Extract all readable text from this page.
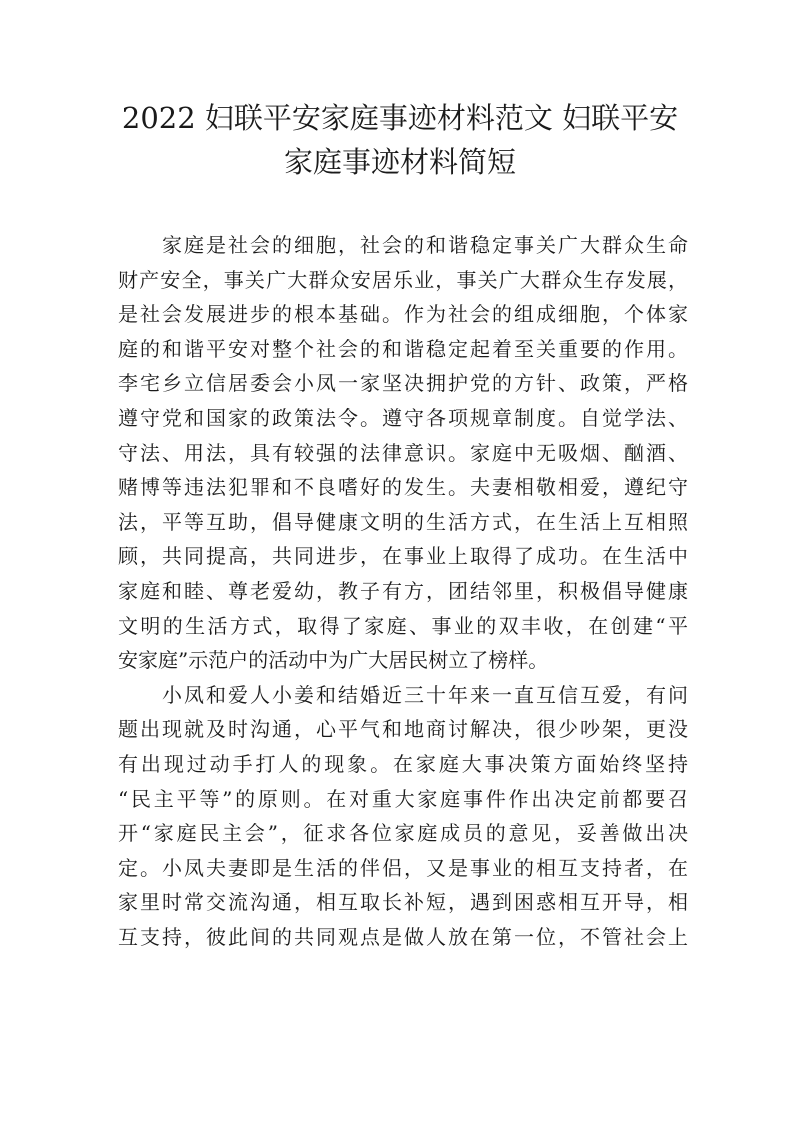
2022 妇联平安家庭事迹材料范文 妇联平安
家庭事迹材料简短
家庭是社会的细胞，社会的和谐稳定事关广大群众生命
财产安全，事关广大群众安居乐业，事关广大群众生存发展，
是社会发展进步的根本基础。作为社会的组成细胞，个体家
庭的和谐平安对整个社会的和谐稳定起着至关重要的作用。
李宅乡立信居委会小凤一家坚决拥护党的方针、政策，严格
遵守党和国家的政策法令。遵守各项规章制度。自觉学法、
守法、用法，具有较强的法律意识。家庭中无吸烟、酗酒、
赌博等违法犯罪和不良嗜好的发生。夫妻相敬相爱，遵纪守
法，平等互助，倡导健康文明的生活方式，在生活上互相照
顾，共同提高，共同进步，在事业上取得了成功。在生活中
家庭和睦、尊老爱幼，教子有方，团结邻里，积极倡导健康
文明的生活方式，取得了家庭、事业的双丰收，在创建“平
安家庭”示范户的活动中为广大居民树立了榜样。
小凤和爱人小姜和结婚近三十年来一直互信互爱，有问
题出现就及时沟通，心平气和地商讨解决，很少吵架，更没
有出现过动手打人的现象。在家庭大事决策方面始终坚持
“民主平等”的原则。在对重大家庭事件作出决定前都要召
开“家庭民主会”，征求各位家庭成员的意见，妥善做出决
定。小凤夫妻即是生活的伴侣，又是事业的相互支持者，在
家里时常交流沟通，相互取长补短，遇到困惑相互开导，相
互支持，彼此间的共同观点是做人放在第一位，不管社会上
